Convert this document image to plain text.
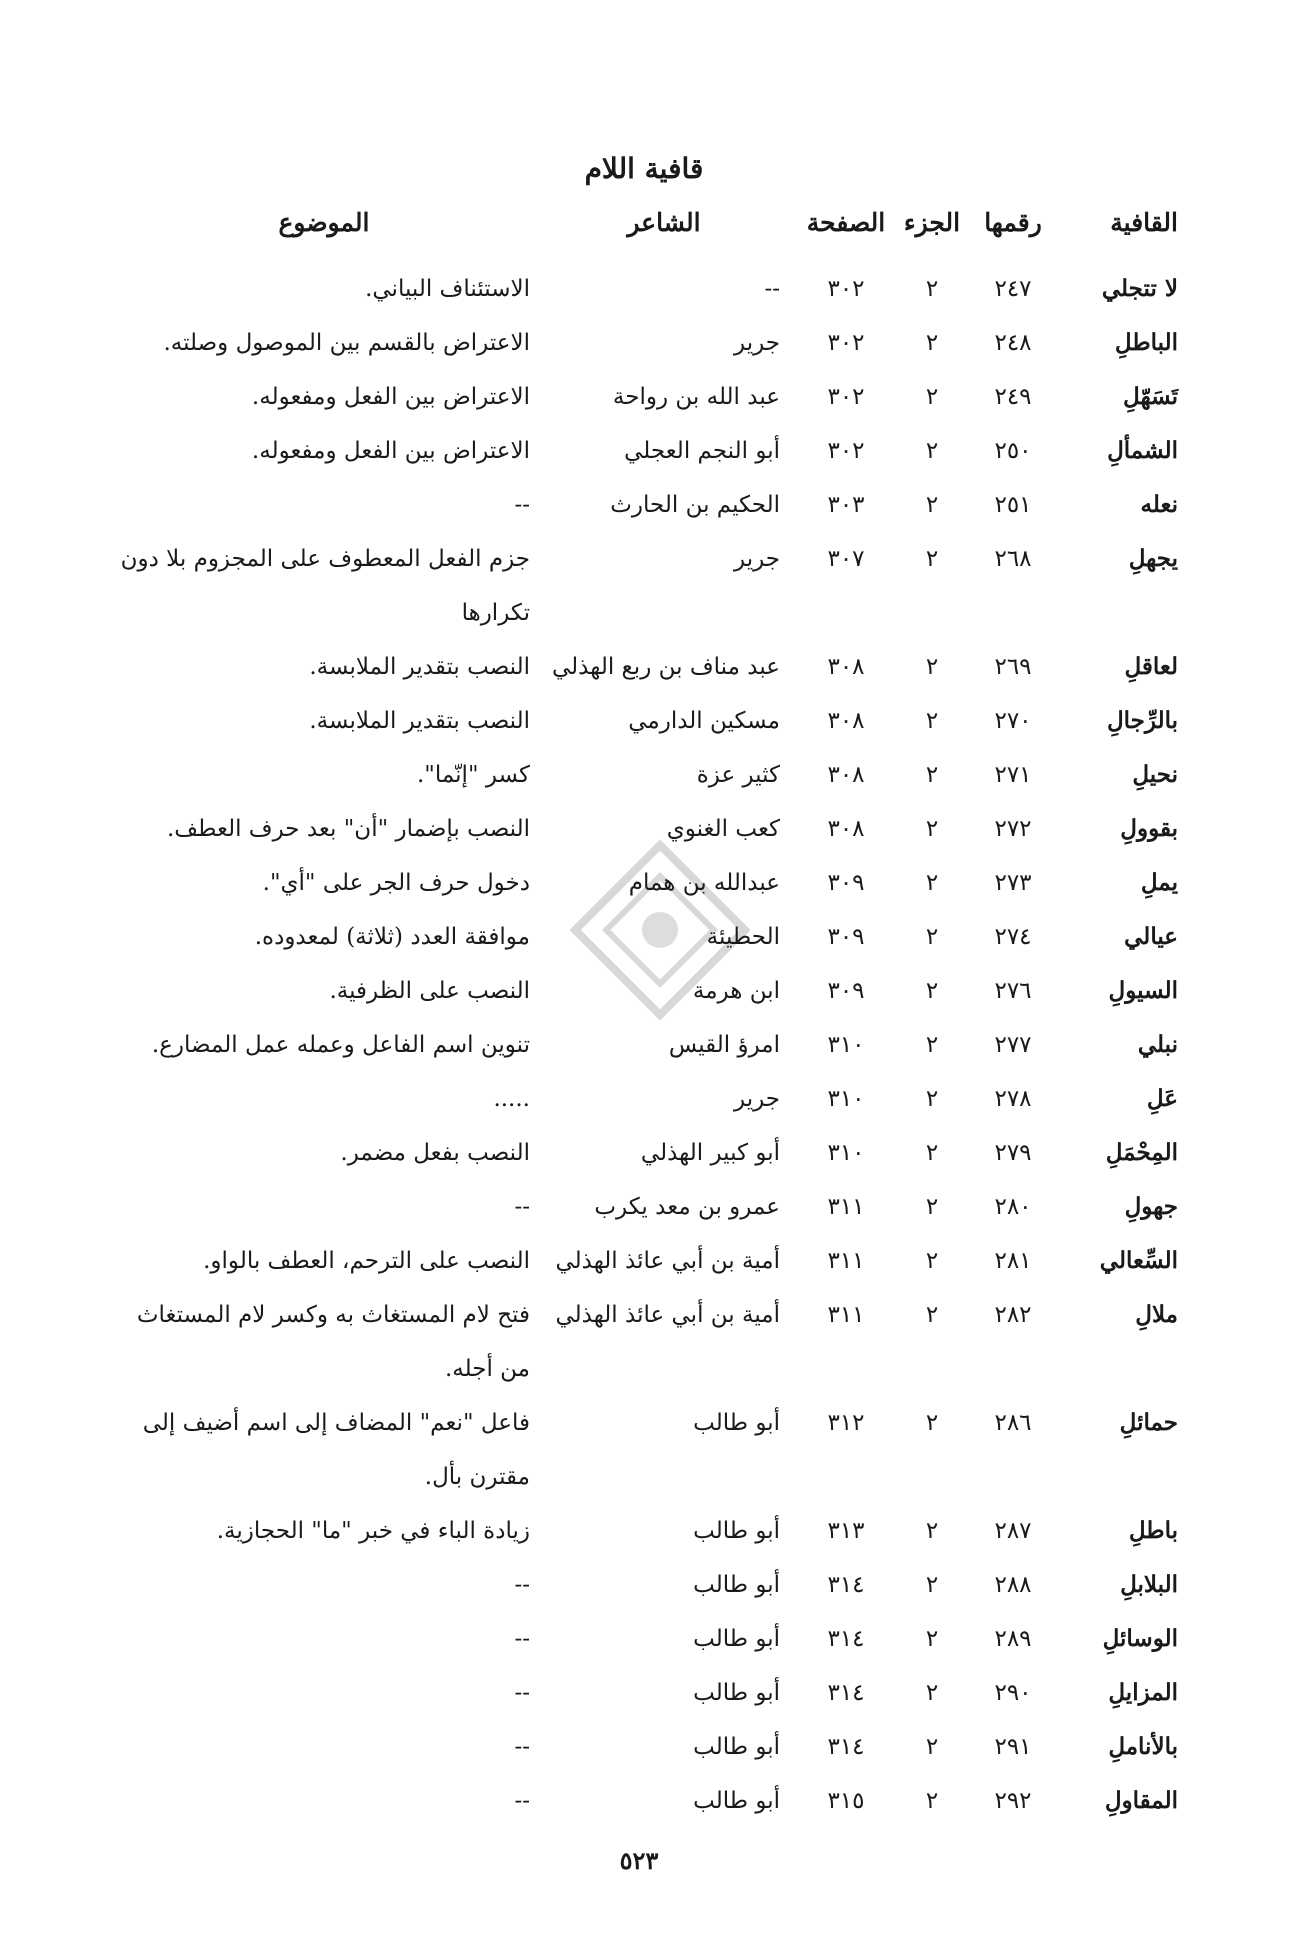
قافية اللام
القافية
رقمها
الجزء
الصفحة
الشاعر
الموضوع
لا تتجلي
٢٤٧
٢
٣٠٢
--
الاستئناف البياني.
الباطلِ
٢٤٨
٢
٣٠٢
جرير
الاعتراض بالقسم بين الموصول وصلته.
تَسَهّلِ
٢٤٩
٢
٣٠٢
عبد الله بن رواحة
الاعتراض بين الفعل ومفعوله.
الشمألِ
٢٥٠
٢
٣٠٢
أبو النجم العجلي
الاعتراض بين الفعل ومفعوله.
نعله
٢٥١
٢
٣٠٣
الحكيم بن الحارث
--
يجهلِ
٢٦٨
٢
٣٠٧
جرير
جزم الفعل المعطوف على المجزوم بلا دون تكرارها
لعاقلِ
٢٦٩
٢
٣٠٨
عبد مناف بن ربع الهذلي
النصب بتقدير الملابسة.
بالرِّجالِ
٢٧٠
٢
٣٠٨
مسكين الدارمي
النصب بتقدير الملابسة.
نحيلِ
٢٧١
٢
٣٠٨
كثير عزة
كسر "إنّما".
بقوولِ
٢٧٢
٢
٣٠٨
كعب الغنوي
النصب بإضمار "أن" بعد حرف العطف.
يملِ
٢٧٣
٢
٣٠٩
عبدالله بن همام
دخول حرف الجر على "أي".
عيالي
٢٧٤
٢
٣٠٩
الحطيئة
موافقة العدد (ثلاثة) لمعدوده.
السيولِ
٢٧٦
٢
٣٠٩
ابن هرمة
النصب على الظرفية.
نبلي
٢٧٧
٢
٣١٠
امرؤ القيس
تنوين اسم الفاعل وعمله عمل المضارع.
عَلِ
٢٧٨
٢
٣١٠
جرير
.....
المِحْمَلِ
٢٧٩
٢
٣١٠
أبو كبير الهذلي
النصب بفعل مضمر.
جهولِ
٢٨٠
٢
٣١١
عمرو بن معد يكرب
--
السِّعالي
٢٨١
٢
٣١١
أمية بن أبي عائذ الهذلي
النصب على الترحم، العطف بالواو.
ملالِ
٢٨٢
٢
٣١١
أمية بن أبي عائذ الهذلي
فتح لام المستغاث به وكسر لام المستغاث من أجله.
حمائلِ
٢٨٦
٢
٣١٢
أبو طالب
فاعل "نعم" المضاف إلى اسم أضيف إلى مقترن بأل.
باطلِ
٢٨٧
٢
٣١٣
أبو طالب
زيادة الباء في خبر "ما" الحجازية.
البلابلِ
٢٨٨
٢
٣١٤
أبو طالب
--
الوسائلِ
٢٨٩
٢
٣١٤
أبو طالب
--
المزايلِ
٢٩٠
٢
٣١٤
أبو طالب
--
بالأناملِ
٢٩١
٢
٣١٤
أبو طالب
--
المقاولِ
٢٩٢
٢
٣١٥
أبو طالب
--
٥٢٣
